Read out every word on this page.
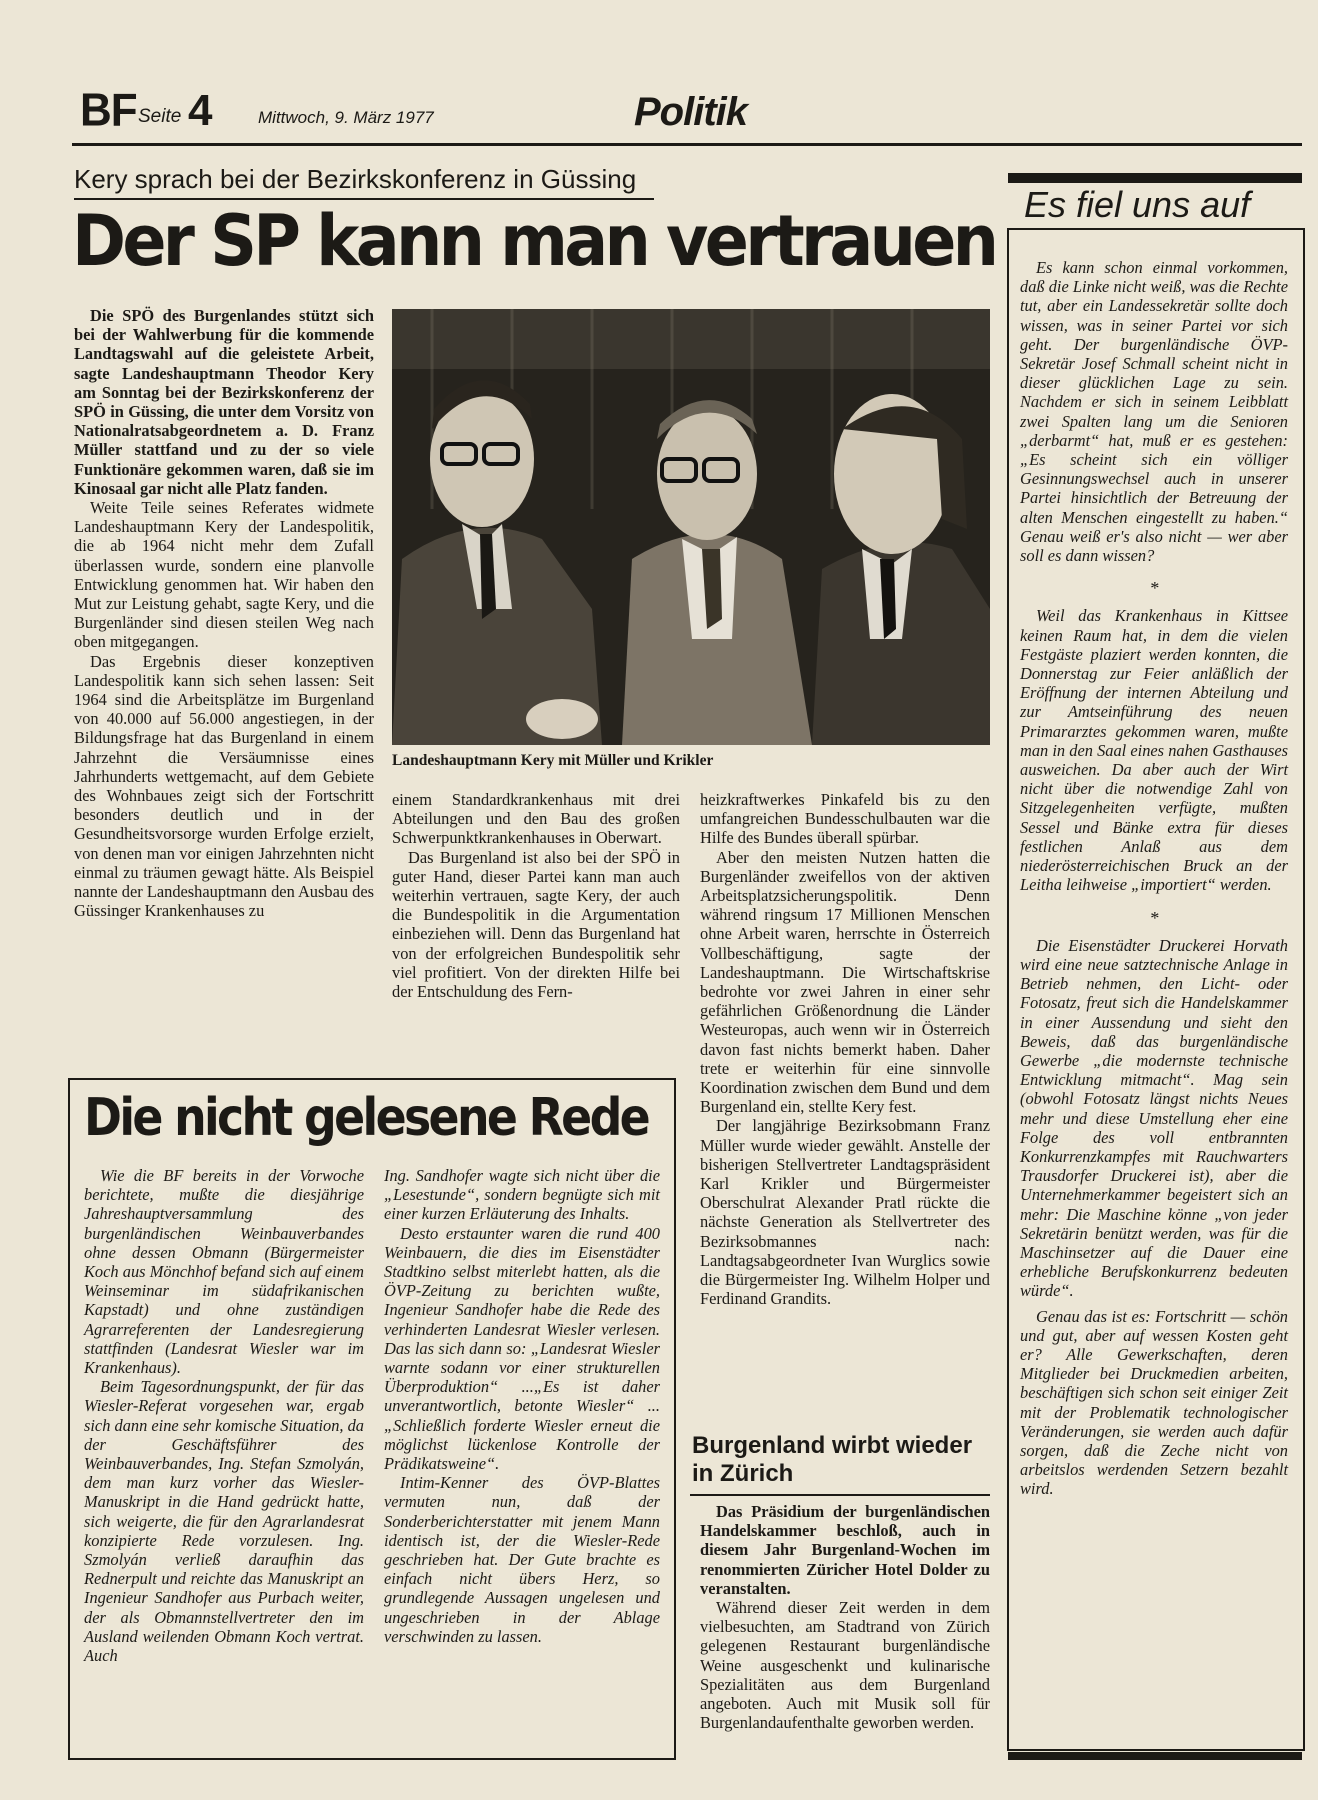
BF Seite 4	Mittwoch, 9. März 1977	Politik
Kery sprach bei der Bezirkskonferenz in Güssing
Der SP kann man vertrauen

Die SPÖ des Burgenlandes stützt sich bei der Wahlwerbung für die kommende Landtagswahl auf die geleistete Arbeit, sagte Landeshauptmann Theodor Kery am Sonntag bei der Bezirkskonferenz der SPÖ in Güssing, die unter dem Vorsitz von Nationalratsabgeordnetem a. D. Franz Müller stattfand und zu der so viele Funktionäre gekommen waren, daß sie im Kinosaal gar nicht alle Platz fanden.

Weite Teile seines Referates widmete Landeshauptmann Kery der Landespolitik, die ab 1964 nicht mehr dem Zufall überlassen wurde, sondern eine planvolle Entwicklung genommen hat. Wir haben den Mut zur Leistung gehabt, sagte Kery, und die Burgenländer sind diesen steilen Weg nach oben mitgegangen.

Das Ergebnis dieser konzeptiven Landespolitik kann sich sehen lassen: Seit 1964 sind die Arbeitsplätze im Burgenland von 40.000 auf 56.000 angestiegen, in der Bildungsfrage hat das Burgenland in einem Jahrzehnt die Versäumnisse eines Jahrhunderts wettgemacht, auf dem Gebiete des Wohnbaues zeigt sich der Fortschritt besonders deutlich und in der Gesundheitsvorsorge wurden Erfolge erzielt, von denen man vor einigen Jahrzehnten nicht einmal zu träumen gewagt hätte. Als Beispiel nannte der Landeshauptmann den Ausbau des Güssinger Krankenhauses zu

Landeshauptmann Kery mit Müller und Krikler

einem Standardkrankenhaus mit drei Abteilungen und den Bau des großen Schwerpunktkrankenhauses in Oberwart.

Das Burgenland ist also bei der SPÖ in guter Hand, dieser Partei kann man auch weiterhin vertrauen, sagte Kery, der auch die Bundespolitik in die Argumentation einbeziehen will. Denn das Burgenland hat von der erfolgreichen Bundespolitik sehr viel profitiert. Von der direkten Hilfe bei der Entschuldung des Fern-

heizkraftwerkes Pinkafeld bis zu den umfangreichen Bundesschulbauten war die Hilfe des Bundes überall spürbar.

Aber den meisten Nutzen hatten die Burgenländer zweifellos von der aktiven Arbeitsplatzsicherungspolitik. Denn während ringsum 17 Millionen Menschen ohne Arbeit waren, herrschte in Österreich Vollbeschäftigung, sagte der Landeshauptmann. Die Wirtschaftskrise bedrohte vor zwei Jahren in einer sehr gefährlichen Größenordnung die Länder Westeuropas, auch wenn wir in Österreich davon fast nichts bemerkt haben. Daher trete er weiterhin für eine sinnvolle Koordination zwischen dem Bund und dem Burgenland ein, stellte Kery fest.

Der langjährige Bezirksobmann Franz Müller wurde wieder gewählt. Anstelle der bisherigen Stellvertreter Landtagspräsident Karl Krikler und Bürgermeister Oberschulrat Alexander Pratl rückte die nächste Generation als Stellvertreter des Bezirksobmannes nach: Landtagsabgeordneter Ivan Wurglics sowie die Bürgermeister Ing. Wilhelm Holper und Ferdinand Grandits.

Burgenland wirbt wieder in Zürich

Das Präsidium der burgenländischen Handelskammer beschloß, auch in diesem Jahr Burgenland-Wochen im renommierten Züricher Hotel Dolder zu veranstalten.

Während dieser Zeit werden in dem vielbesuchten, am Stadtrand von Zürich gelegenen Restaurant burgenländische Weine ausgeschenkt und kulinarische Spezialitäten aus dem Burgenland angeboten. Auch mit Musik soll für Burgenlandaufenthalte geworben werden.

Die nicht gelesene Rede

Wie die BF bereits in der Vorwoche berichtete, mußte die diesjährige Jahreshauptversammlung des burgenländischen Weinbauverbandes ohne dessen Obmann (Bürgermeister Koch aus Mönchhof befand sich auf einem Weinseminar im südafrikanischen Kapstadt) und ohne zuständigen Agrarreferenten der Landesregierung stattfinden (Landesrat Wiesler war im Krankenhaus).

Beim Tagesordnungspunkt, der für das Wiesler-Referat vorgesehen war, ergab sich dann eine sehr komische Situation, da der Geschäftsführer des Weinbauverbandes, Ing. Stefan Szmolyán, dem man kurz vorher das Wiesler-Manuskript in die Hand gedrückt hatte, sich weigerte, die für den Agrarlandesrat konzipierte Rede vorzulesen. Ing. Szmolyán verließ daraufhin das Rednerpult und reichte das Manuskript an Ingenieur Sandhofer aus Purbach weiter, der als Obmannstellvertreter den im Ausland weilenden Obmann Koch vertrat. Auch

Ing. Sandhofer wagte sich nicht über die „Lesestunde“, sondern begnügte sich mit einer kurzen Erläuterung des Inhalts.

Desto erstaunter waren die rund 400 Weinbauern, die dies im Eisenstädter Stadtkino selbst miterlebt hatten, als die ÖVP-Zeitung zu berichten wußte, Ingenieur Sandhofer habe die Rede des verhinderten Landesrat Wiesler verlesen. Das las sich dann so: „Landesrat Wiesler warnte sodann vor einer strukturellen Überproduktion“ ...„Es ist daher unverantwortlich, betonte Wiesler“ ... „Schließlich forderte Wiesler erneut die möglichst lückenlose Kontrolle der Prädikatsweine“.

Intim-Kenner des ÖVP-Blattes vermuten nun, daß der Sonderberichterstatter mit jenem Mann identisch ist, der die Wiesler-Rede geschrieben hat. Der Gute brachte es einfach nicht übers Herz, so grundlegende Aussagen ungelesen und ungeschrieben in der Ablage verschwinden zu lassen.

Es fiel uns auf

Es kann schon einmal vorkommen, daß die Linke nicht weiß, was die Rechte tut, aber ein Landessekretär sollte doch wissen, was in seiner Partei vor sich geht. Der burgenländische ÖVP-Sekretär Josef Schmall scheint nicht in dieser glücklichen Lage zu sein. Nachdem er sich in seinem Leibblatt zwei Spalten lang um die Senioren „derbarmt“ hat, muß er es gestehen: „Es scheint sich ein völliger Gesinnungswechsel auch in unserer Partei hinsichtlich der Betreuung der alten Menschen eingestellt zu haben.“ Genau weiß er's also nicht — wer aber soll es dann wissen?

*

Weil das Krankenhaus in Kittsee keinen Raum hat, in dem die vielen Festgäste plaziert werden konnten, die Donnerstag zur Feier anläßlich der Eröffnung der internen Abteilung und zur Amtseinführung des neuen Primararztes gekommen waren, mußte man in den Saal eines nahen Gasthauses ausweichen. Da aber auch der Wirt nicht über die notwendige Zahl von Sitzgelegenheiten verfügte, mußten Sessel und Bänke extra für dieses festlichen Anlaß aus dem niederösterreichischen Bruck an der Leitha leihweise „importiert“ werden.

*

Die Eisenstädter Druckerei Horvath wird eine neue satztechnische Anlage in Betrieb nehmen, den Licht- oder Fotosatz, freut sich die Handelskammer in einer Aussendung und sieht den Beweis, daß das burgenländische Gewerbe „die modernste technische Entwicklung mitmacht“. Mag sein (obwohl Fotosatz längst nichts Neues mehr und diese Umstellung eher eine Folge des voll entbrannten Konkurrenzkampfes mit Rauchwarters Trausdorfer Druckerei ist), aber die Unternehmerkammer begeistert sich an mehr: Die Maschine könne „von jeder Sekretärin benützt werden, was für die Maschinsetzer auf die Dauer eine erhebliche Berufskonkurrenz bedeuten würde“.

Genau das ist es: Fortschritt — schön und gut, aber auf wessen Kosten geht er? Alle Gewerkschaften, deren Mitglieder bei Druckmedien arbeiten, beschäftigen sich schon seit einiger Zeit mit der Problematik technologischer Veränderungen, sie werden auch dafür sorgen, daß die Zeche nicht von arbeitslos werdenden Setzern bezahlt wird.
